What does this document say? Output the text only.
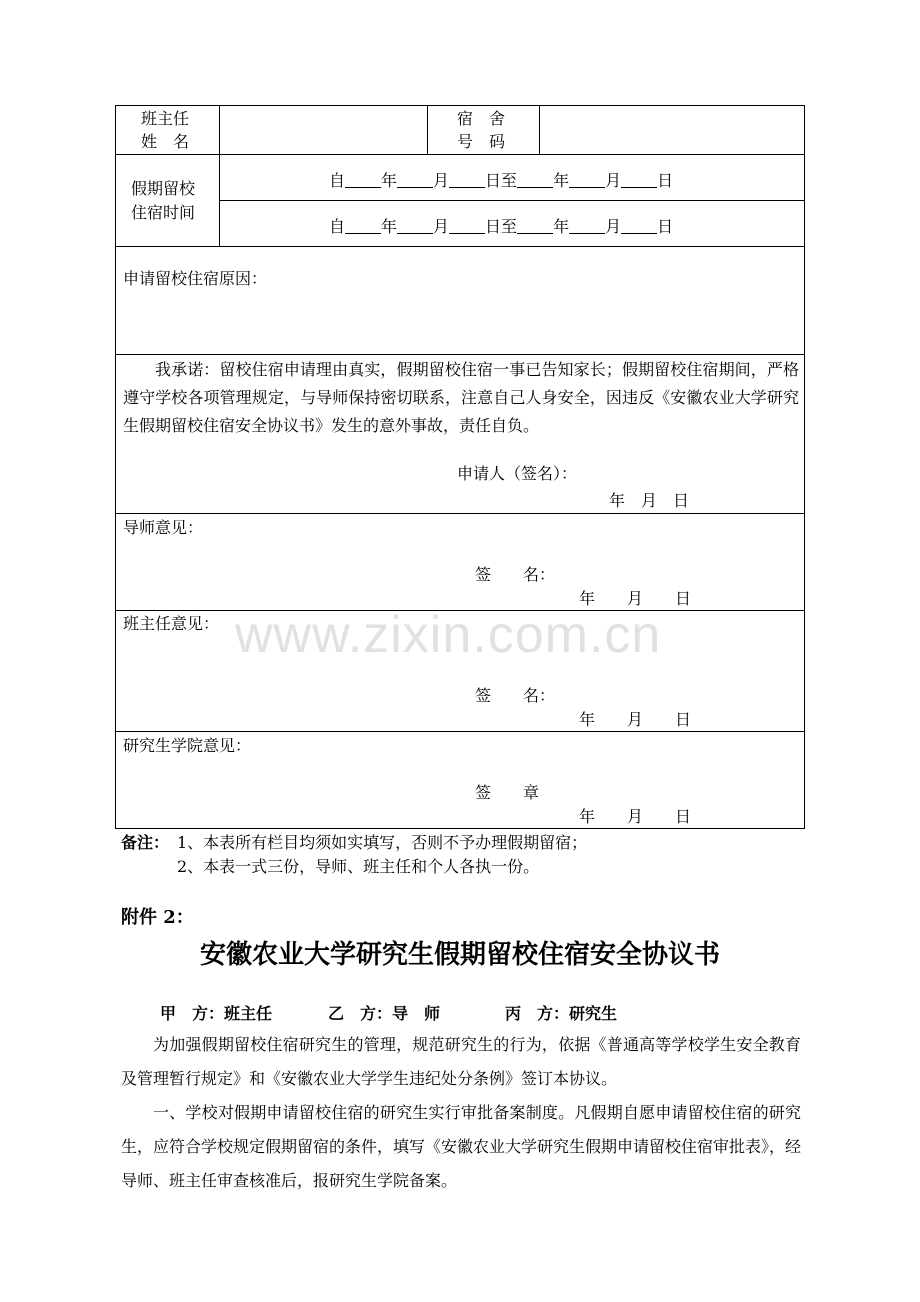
班主任
姓　名
宿　舍
号　码
假期留校
住宿时间
自 年 月 日至 年 月 日
自 年 月 日至 年 月 日
申请留校住宿原因：
我承诺：留校住宿申请理由真实，假期留校住宿一事已告知家长；假期留校住宿期间，严格遵守学校各项管理规定，与导师保持密切联系，注意自己人身安全，因违反《安徽农业大学研究生假期留校住宿安全协议书》发生的意外事故，责任自负。
申请人（签名）：
年　月　日
导师意见：
签　　名：
年　　月　　日
班主任意见：
签　　名：
年　　月　　日
研究生学院意见：
签　　章
年　　月　　日
备注： 1、本表所有栏目均须如实填写，否则不予办理假期留宿；
2、本表一式三份，导师、班主任和个人各执一份。
附件 2：
安徽农业大学研究生假期留校住宿安全协议书
甲　方：班主任	乙　方：导　师	丙　方：研究生
为加强假期留校住宿研究生的管理，规范研究生的行为，依据《普通高等学校学生安全教育及管理暂行规定》和《安徽农业大学学生违纪处分条例》签订本协议。
一、学校对假期申请留校住宿的研究生实行审批备案制度。凡假期自愿申请留校住宿的研究生，应符合学校规定假期留宿的条件，填写《安徽农业大学研究生假期申请留校住宿审批表》，经导师、班主任审查核准后，报研究生学院备案。
www.zixin.com.cn
